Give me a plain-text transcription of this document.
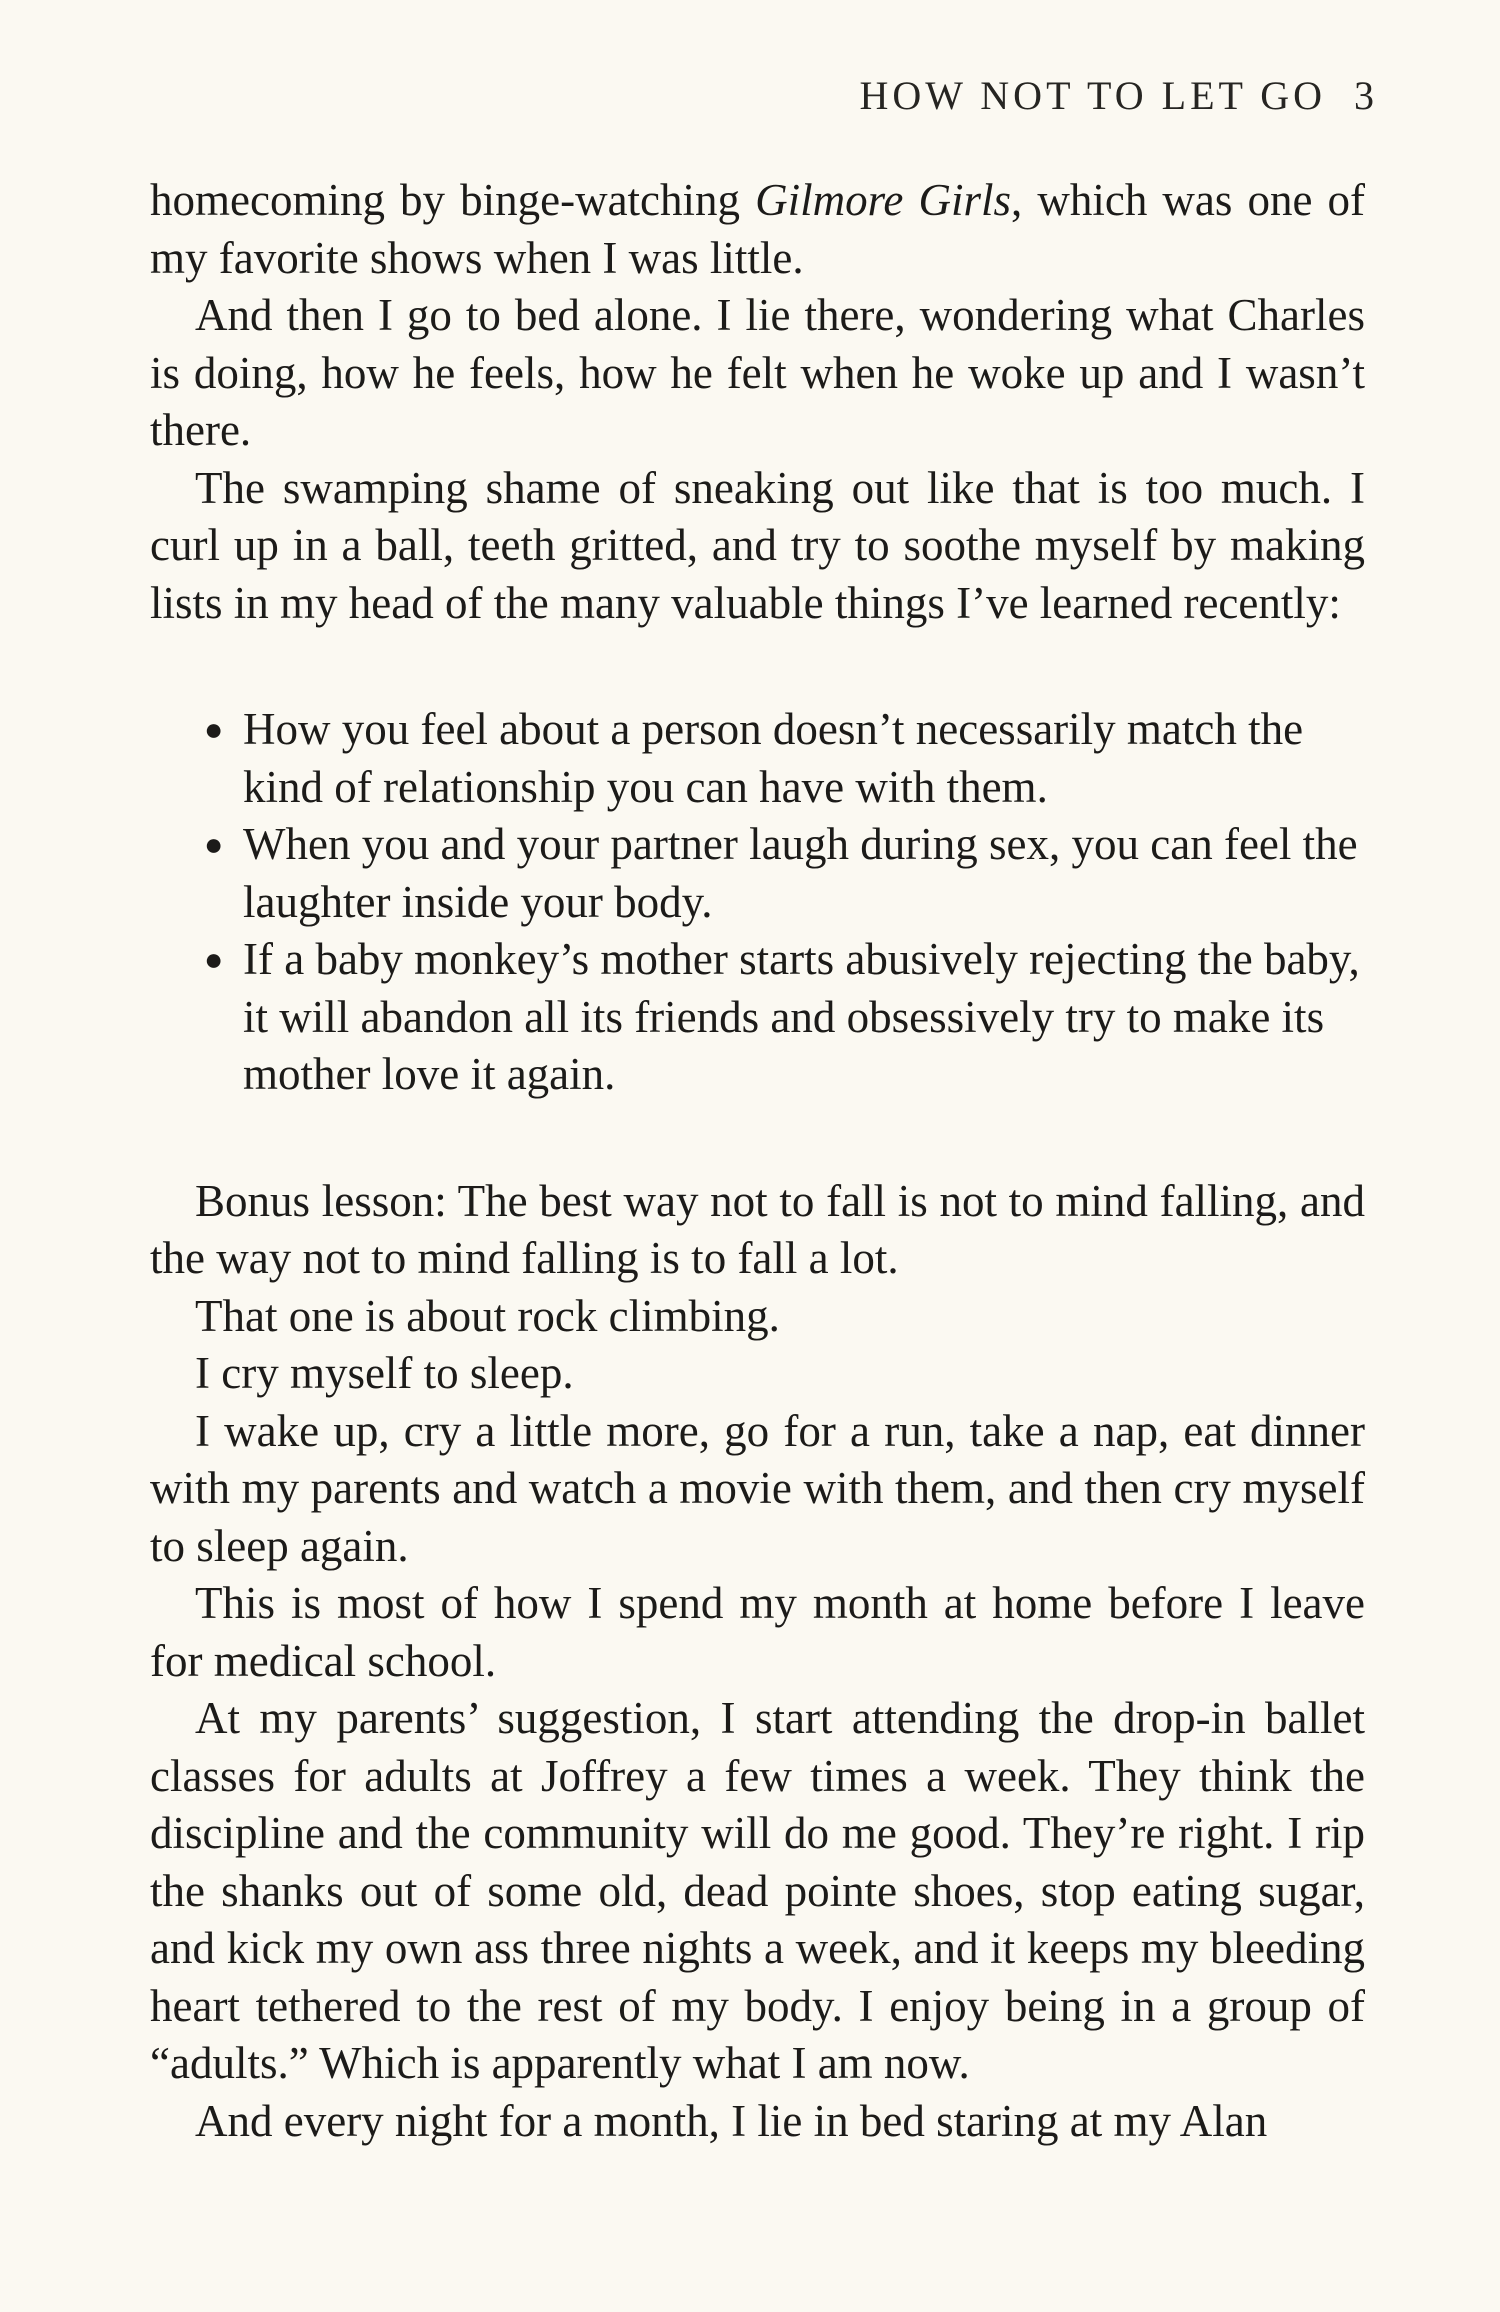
HOW NOT TO LET GO 3

homecoming by binge-watching Gilmore Girls, which was one of my favorite shows when I was little.

And then I go to bed alone. I lie there, wondering what Charles is doing, how he feels, how he felt when he woke up and I wasn’t there.

The swamping shame of sneaking out like that is too much. I curl up in a ball, teeth gritted, and try to soothe myself by making lists in my head of the many valuable things I’ve learned recently:

● How you feel about a person doesn’t necessarily match the kind of relationship you can have with them.
● When you and your partner laugh during sex, you can feel the laughter inside your body.
● If a baby monkey’s mother starts abusively rejecting the baby, it will abandon all its friends and obsessively try to make its mother love it again.

Bonus lesson: The best way not to fall is not to mind falling, and the way not to mind falling is to fall a lot.

That one is about rock climbing.

I cry myself to sleep.

I wake up, cry a little more, go for a run, take a nap, eat dinner with my parents and watch a movie with them, and then cry myself to sleep again.

This is most of how I spend my month at home before I leave for medical school.

At my parents’ suggestion, I start attending the drop-in ballet classes for adults at Joffrey a few times a week. They think the discipline and the community will do me good. They’re right. I rip the shanks out of some old, dead pointe shoes, stop eating sugar, and kick my own ass three nights a week, and it keeps my bleeding heart tethered to the rest of my body. I enjoy being in a group of “adults.” Which is apparently what I am now.

And every night for a month, I lie in bed staring at my Alan
